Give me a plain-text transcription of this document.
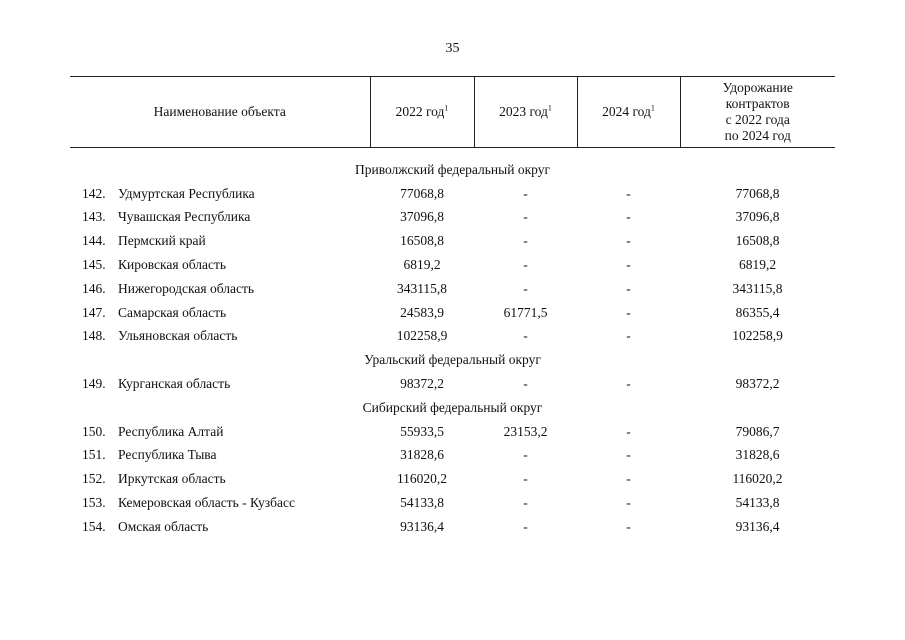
35
Наименование объекта		2022 год$^1$	2023 год$^1$	2024 год$^1$	Удорожание
контрактов
с 2022 года
по 2024 год

Приволжский федеральный округ					
142.	Удмуртская Республика	77068,8	-	-	77068,8
143.	Чувашская Республика	37096,8	-	-	37096,8
144.	Пермский край	16508,8	-	-	16508,8
145.	Кировская область	6819,2	-	-	6819,2
146.	Нижегородская область	343115,8	-	-	343115,8
147.	Самарская область	24583,9	61771,5	-	86355,4
148.	Ульяновская область	102258,9	-	-	102258,9
Уральский федеральный округ					
149.	Курганская область	98372,2	-	-	98372,2
Сибирский федеральный округ					
150.	Республика Алтай	55933,5	23153,2	-	79086,7
151.	Республика Тыва	31828,6	-	-	31828,6
152.	Иркутская область	116020,2	-	-	116020,2
153.	Кемеровская область - Кузбасс	54133,8	-	-	54133,8
154.	Омская область	93136,4	-	-	93136,4
